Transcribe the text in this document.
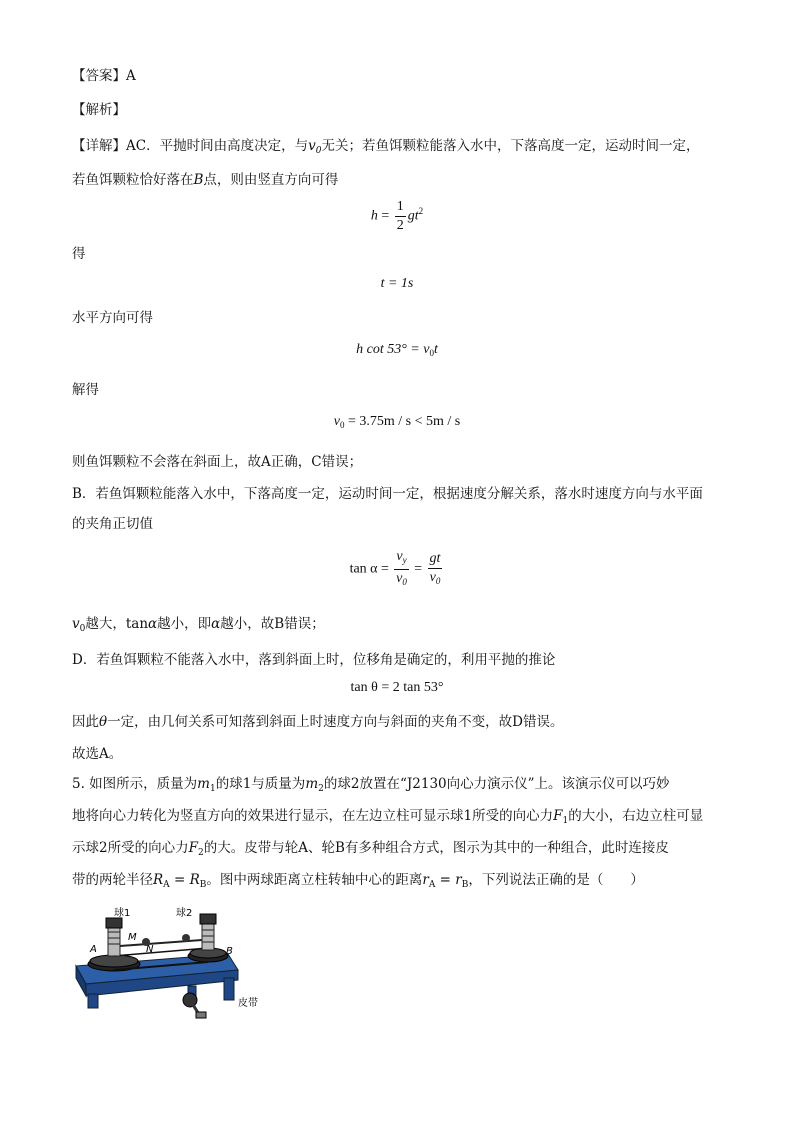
【答案】A
【解析】
【详解】AC．平抛时间由高度决定，与$v_0$无关；若鱼饵颗粒能落入水中，下落高度一定，运动时间一定，
若鱼饵颗粒恰好落在B点，则由竖直方向可得
$h = \frac{1}{2} gt^2$
得
t = 1s
水平方向可得
h $\cot 53^\circ = v_0t$
解得
$v_0 = 3.75m / s < 5m / s$
则鱼饵颗粒不会落在斜面上，故A正确，C错误；
B．若鱼饵颗粒能落入水中，下落高度一定，运动时间一定，根据速度分解关系，落水时速度方向与水平面
的夹角正切值
$\tan \alpha = \frac{v_y}{v_0} = \frac{gt}{v_0}$
$v_0$越大，tanα越小，即α越小，故B错误；
D．若鱼饵颗粒不能落入水中，落到斜面上时，位移角是确定的，利用平抛的推论
tan θ = 2 tan 53°
因此θ一定，由几何关系可知落到斜面上时速度方向与斜面的夹角不变，故D错误。
故选A。
5. 如图所示，质量为$m_1$的球1与质量为$m_2$的球2放置在“J2130向心力演示仪”上。该演示仪可以巧妙
地将向心力转化为竖直方向的效果进行显示，在左边立柱可显示球1所受的向心力$F_1$的大小，右边立柱可显
示球2所受的向心力$F_2$的大。皮带与轮A、轮B有多种组合方式，图示为其中的一种组合，此时连接皮
带的两轮半径$R_A = R_B$。图中两球距离立柱转轴中心的距离$r_A = r_B$，下列说法正确的是（　　）
A	B
M
N
球1	球2
皮带
